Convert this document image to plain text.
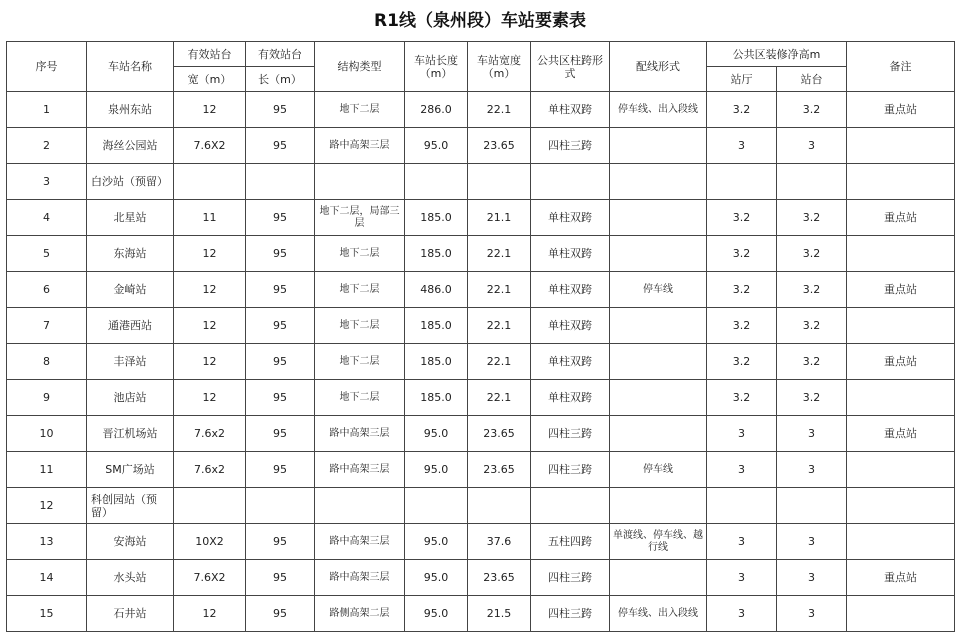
R1线（泉州段）车站要素表
序号	车站名称	有效站台	有效站台	结构类型	车站长度（m）	车站宽度（m）	公共区柱跨形式	配线形式	公共区装修净高m		备注
		宽（m）	长（m）						站厅	站台	
1	泉州东站	12	95	地下二层	286.0	22.1	单柱双跨	停车线、出入段线	3.2	3.2	重点站
2	海丝公园站	7.6X2	95	路中高架三层	95.0	23.65	四柱三跨		3	3	
3	白沙站（预留）										
4	北星站	11	95	地下二层，局部三层	185.0	21.1	单柱双跨		3.2	3.2	重点站
5	东海站	12	95	地下二层	185.0	22.1	单柱双跨		3.2	3.2	
6	金崎站	12	95	地下二层	486.0	22.1	单柱双跨	停车线	3.2	3.2	重点站
7	通港西站	12	95	地下二层	185.0	22.1	单柱双跨		3.2	3.2	
8	丰泽站	12	95	地下二层	185.0	22.1	单柱双跨		3.2	3.2	重点站
9	池店站	12	95	地下二层	185.0	22.1	单柱双跨		3.2	3.2	
10	晋江机场站	7.6x2	95	路中高架三层	95.0	23.65	四柱三跨		3	3	重点站
11	SM广场站	7.6x2	95	路中高架三层	95.0	23.65	四柱三跨	停车线	3	3	
12	科创园站（预留）										
13	安海站	10X2	95	路中高架三层	95.0	37.6	五柱四跨	单渡线、停车线、越行线	3	3	
14	水头站	7.6X2	95	路中高架三层	95.0	23.65	四柱三跨		3	3	重点站
15	石井站	12	95	路侧高架二层	95.0	21.5	四柱三跨	停车线、出入段线	3	3	
